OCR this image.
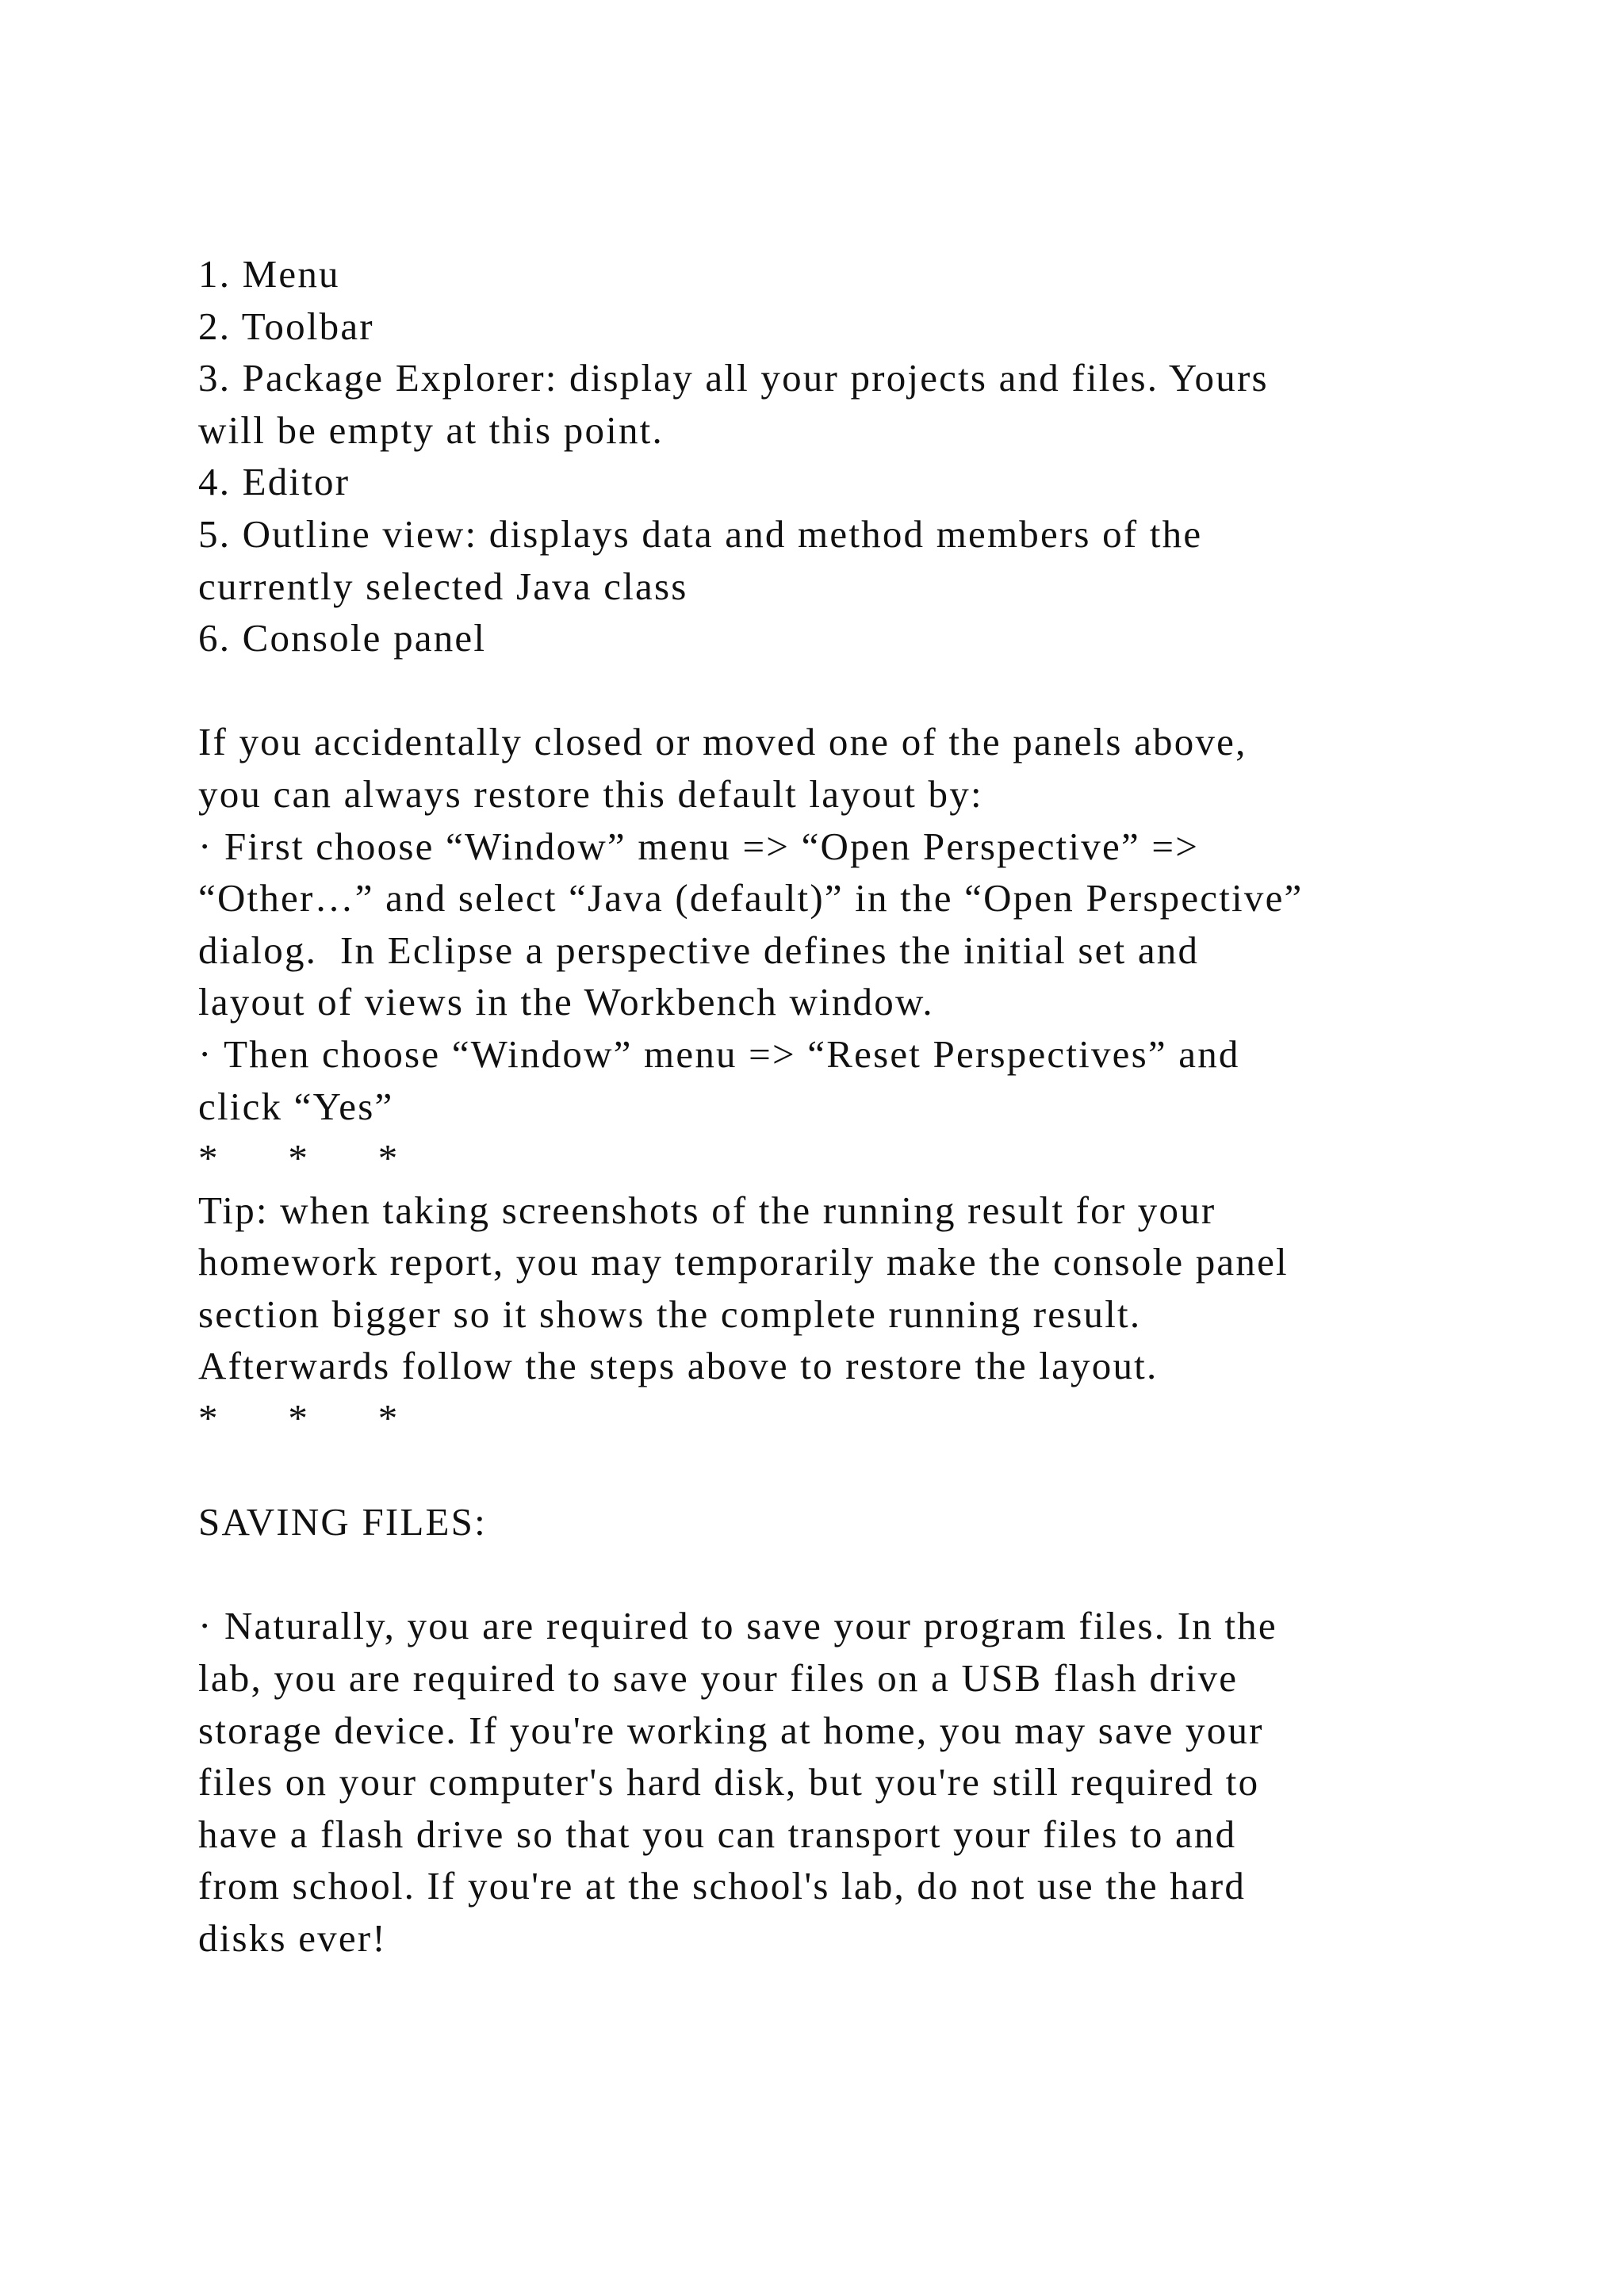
1. Menu
2. Toolbar
3. Package Explorer: display all your projects and files. Yours
will be empty at this point.
4. Editor
5. Outline view: displays data and method members of the
currently selected Java class
6. Console panel
If you accidentally closed or moved one of the panels above,
you can always restore this default layout by:
· First choose “Window” menu => “Open Perspective” =>
“Other…” and select “Java (default)” in the “Open Perspective”
dialog.  In Eclipse a perspective defines the initial set and
layout of views in the Workbench window.
· Then choose “Window” menu => “Reset Perspectives” and
click “Yes”
*      *      *
Tip: when taking screenshots of the running result for your
homework report, you may temporarily make the console panel
section bigger so it shows the complete running result.
Afterwards follow the steps above to restore the layout.
*      *      *
SAVING FILES:
· Naturally, you are required to save your program files. In the
lab, you are required to save your files on a USB flash drive
storage device. If you're working at home, you may save your
files on your computer's hard disk, but you're still required to
have a flash drive so that you can transport your files to and
from school. If you're at the school's lab, do not use the hard
disks ever!
